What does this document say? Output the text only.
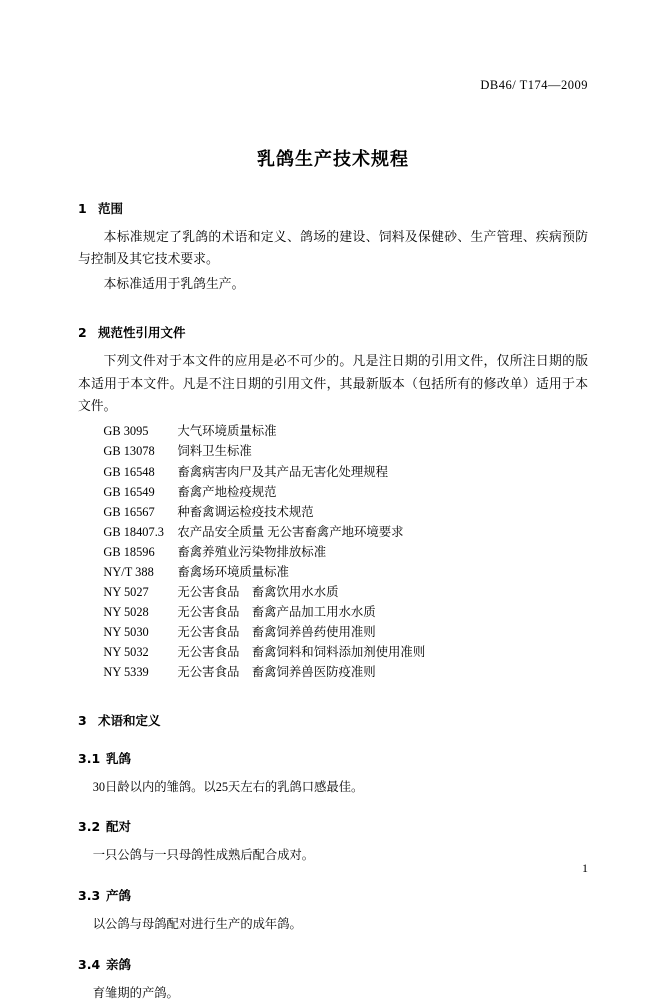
DB46/ T174—2009
乳鸽生产技术规程
1 范围

本标准规定了乳鸽的术语和定义、鸽场的建设、饲料及保健砂、生产管理、疾病预防与控制及其它技术要求。

本标准适用于乳鸽生产。

2 规范性引用文件

下列文件对于本文件的应用是必不可少的。凡是注日期的引用文件，仅所注日期的版本适用于本文件。凡是不注日期的引用文件，其最新版本（包括所有的修改单）适用于本文件。

GB 3095 大气环境质量标准
GB 13078 饲料卫生标准
GB 16548 畜禽病害肉尸及其产品无害化处理规程
GB 16549 畜禽产地检疫规范
GB 16567 种畜禽调运检疫技术规范
GB 18407.3 农产品安全质量 无公害畜禽产地环境要求
GB 18596 畜禽养殖业污染物排放标准
NY/T 388 畜禽场环境质量标准
NY 5027 无公害食品　畜禽饮用水水质
NY 5028 无公害食品　畜禽产品加工用水水质
NY 5030 无公害食品　畜禽饲养兽药使用准则
NY 5032 无公害食品　畜禽饲料和饲料添加剂使用准则
NY 5339 无公害食品　畜禽饲养兽医防疫准则
3 术语和定义
3.1 乳鸽

30日龄以内的雏鸽。以25天左右的乳鸽口感最佳。

3.2 配对

一只公鸽与一只母鸽性成熟后配合成对。

3.3 产鸽

以公鸽与母鸽配对进行生产的成年鸽。

3.4 亲鸽

育雏期的产鸽。

1
